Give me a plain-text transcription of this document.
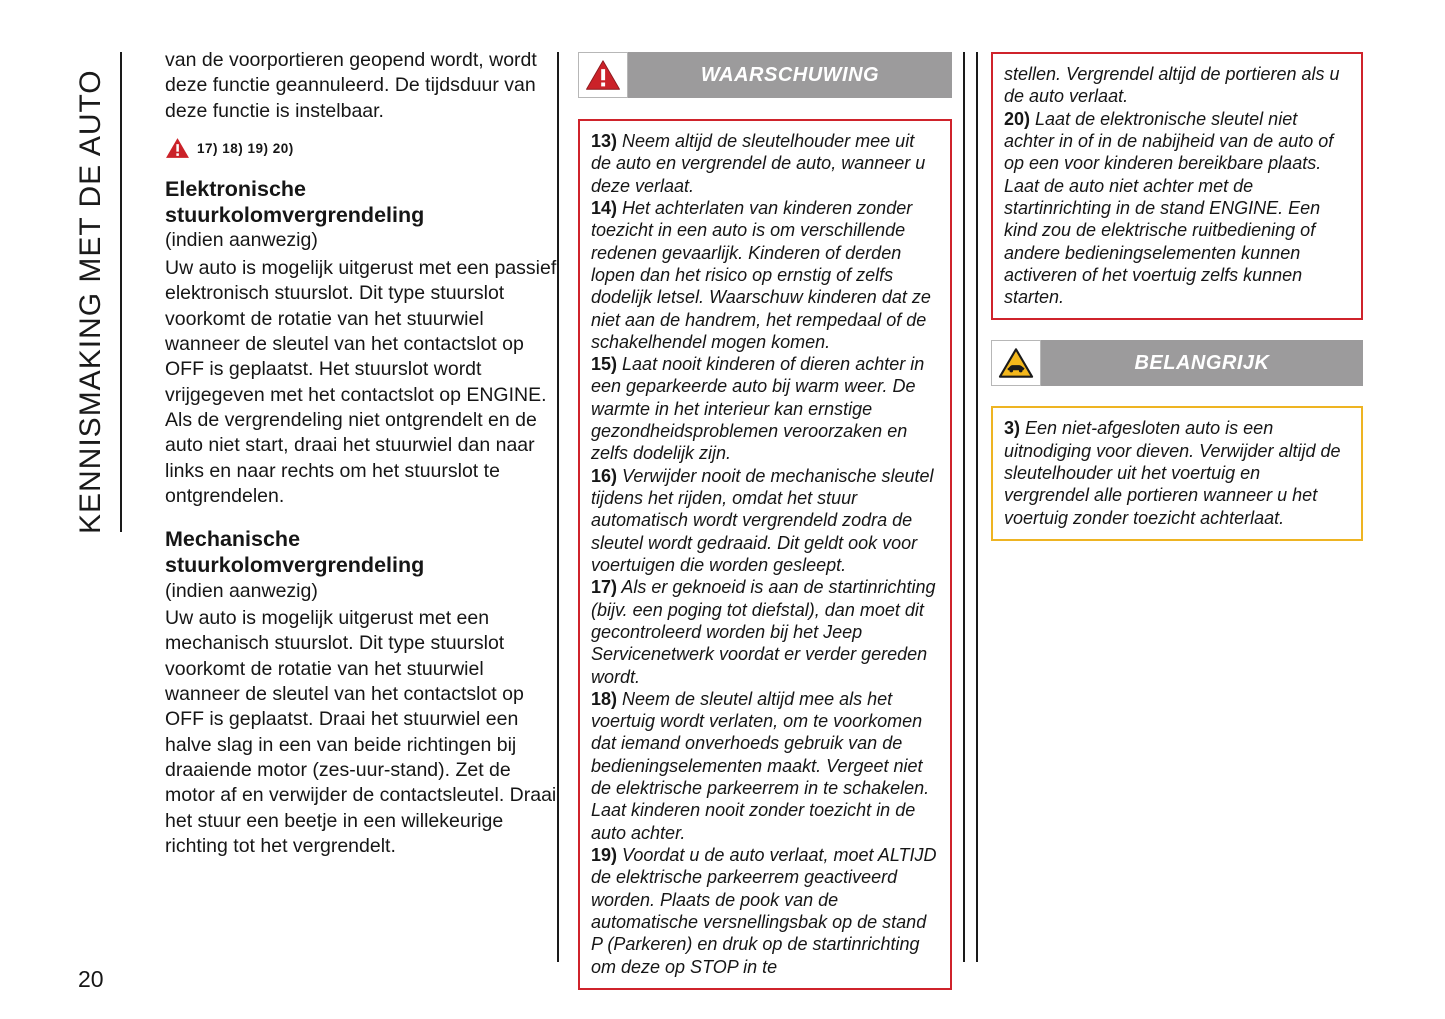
KENNISMAKING MET DE AUTO

van de voorportieren geopend wordt, wordt deze functie geannuleerd. De tijdsduur van deze functie is instelbaar.

17) 18) 19) 20)
Elektronische stuurkolomvergrendeling

(indien aanwezig)

Uw auto is mogelijk uitgerust met een passief elektronisch stuurslot. Dit type stuurslot voorkomt de rotatie van het stuurwiel wanneer de sleutel van het contactslot op OFF is geplaatst. Het stuurslot wordt vrijgegeven met het contactslot op ENGINE. Als de vergrendeling niet ontgrendelt en de auto niet start, draai het stuurwiel dan naar links en naar rechts om het stuurslot te ontgrendelen.

Mechanische stuurkolomvergrendeling

(indien aanwezig)

Uw auto is mogelijk uitgerust met een mechanisch stuurslot. Dit type stuurslot voorkomt de rotatie van het stuurwiel wanneer de sleutel van het contactslot op OFF is geplaatst. Draai het stuurwiel een halve slag in een van beide richtingen bij draaiende motor (zes-uur-stand). Zet de motor af en verwijder de contactsleutel. Draai het stuur een beetje in een willekeurige richting tot het vergrendelt.

WAARSCHUWING

13) Neem altijd de sleutelhouder mee uit de auto en vergrendel de auto, wanneer u deze verlaat.

14) Het achterlaten van kinderen zonder toezicht in een auto is om verschillende redenen gevaarlijk. Kinderen of derden lopen dan het risico op ernstig of zelfs dodelijk letsel. Waarschuw kinderen dat ze niet aan de handrem, het rempedaal of de schakelhendel mogen komen.

15) Laat nooit kinderen of dieren achter in een geparkeerde auto bij warm weer. De warmte in het interieur kan ernstige gezondheidsproblemen veroorzaken en zelfs dodelijk zijn.

16) Verwijder nooit de mechanische sleutel tijdens het rijden, omdat het stuur automatisch wordt vergrendeld zodra de sleutel wordt gedraaid. Dit geldt ook voor voertuigen die worden gesleept.

17) Als er geknoeid is aan de startinrichting (bijv. een poging tot diefstal), dan moet dit gecontroleerd worden bij het Jeep Servicenetwerk voordat er verder gereden wordt.

18) Neem de sleutel altijd mee als het voertuig wordt verlaten, om te voorkomen dat iemand onverhoeds gebruik van de bedieningselementen maakt. Vergeet niet de elektrische parkeerrem in te schakelen. Laat kinderen nooit zonder toezicht in de auto achter.

19) Voordat u de auto verlaat, moet ALTIJD de elektrische parkeerrem geactiveerd worden. Plaats de pook van de automatische versnellingsbak op de stand P (Parkeren) en druk op de startinrichting om deze op STOP in te

stellen. Vergrendel altijd de portieren als u de auto verlaat.

20) Laat de elektronische sleutel niet achter in of in de nabijheid van de auto of op een voor kinderen bereikbare plaats. Laat de auto niet achter met de startinrichting in de stand ENGINE. Een kind zou de elektrische ruitbediening of andere bedieningselementen kunnen activeren of het voertuig zelfs kunnen starten.

BELANGRIJK

3) Een niet-afgesloten auto is een uitnodiging voor dieven. Verwijder altijd de sleutelhouder uit het voertuig en vergrendel alle portieren wanneer u het voertuig zonder toezicht achterlaat.

20
